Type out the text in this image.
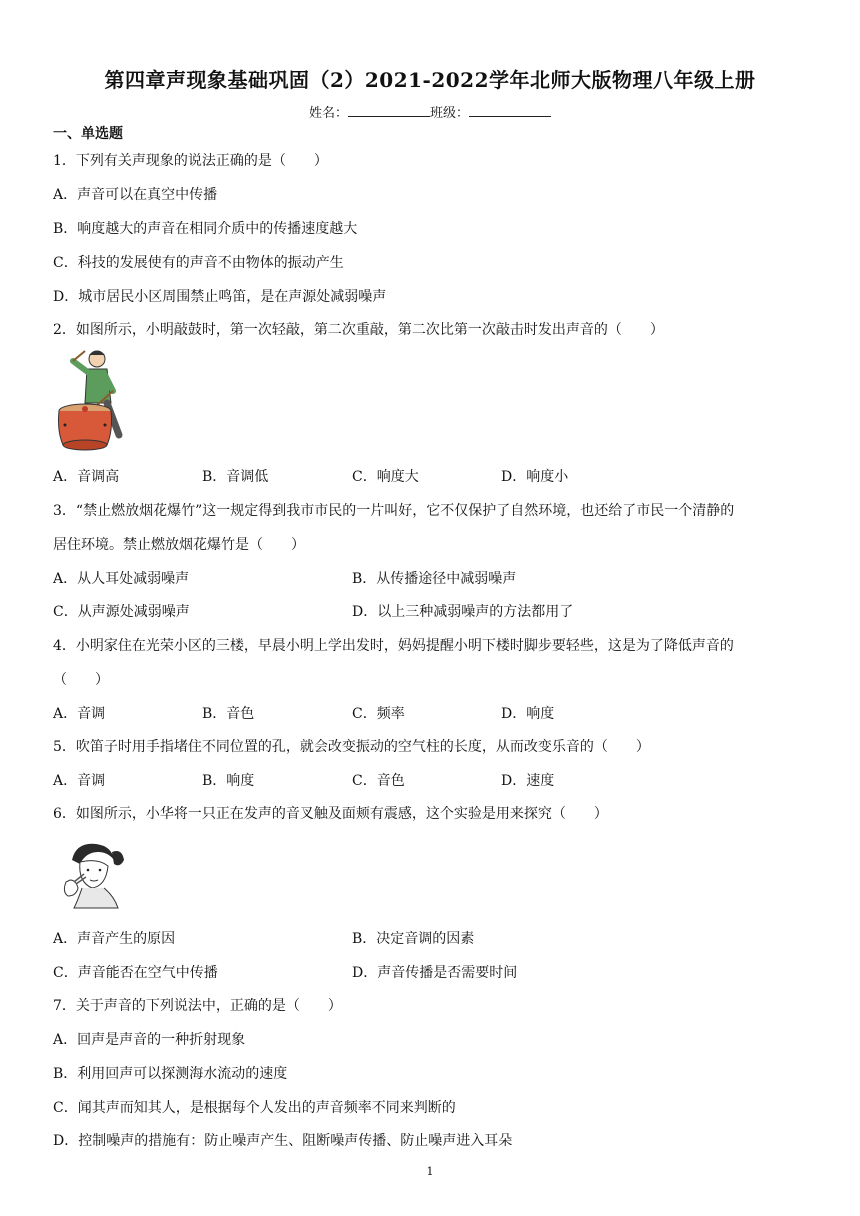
第四章声现象基础巩固（2）2021-2022学年北师大版物理八年级上册
姓名：	班级：
一、单选题
1．下列有关声现象的说法正确的是（　　）
A．声音可以在真空中传播
B．响度越大的声音在相同介质中的传播速度越大
C．科技的发展使有的声音不由物体的振动产生
D．城市居民小区周围禁止鸣笛，是在声源处减弱噪声
2．如图所示，小明敲鼓时，第一次轻敲，第二次重敲，第二次比第一次敲击时发出声音的（　　）
A．音调高	B．音调低	C．响度大	D．响度小
3．“禁止燃放烟花爆竹”这一规定得到我市市民的一片叫好，它不仅保护了自然环境，也还给了市民一个清静的
居住环境。禁止燃放烟花爆竹是（　　）
A．从人耳处减弱噪声	B．从传播途径中减弱噪声
C．从声源处减弱噪声	D．以上三种减弱噪声的方法都用了
4．小明家住在光荣小区的三楼，早晨小明上学出发时，妈妈提醒小明下楼时脚步要轻些，这是为了降低声音的
（　　）
A．音调	B．音色	C．频率	D．响度
5．吹笛子时用手指堵住不同位置的孔，就会改变振动的空气柱的长度，从而改变乐音的（　　）
A．音调	B．响度	C．音色	D．速度
6．如图所示，小华将一只正在发声的音叉触及面颊有震感，这个实验是用来探究（　　）
A．声音产生的原因	B．决定音调的因素
C．声音能否在空气中传播	D．声音传播是否需要时间
7．关于声音的下列说法中，正确的是（　　）
A．回声是声音的一种折射现象
B．利用回声可以探测海水流动的速度
C．闻其声而知其人，是根据每个人发出的声音频率不同来判断的
D．控制噪声的措施有：防止噪声产生、阻断噪声传播、防止噪声进入耳朵
1
